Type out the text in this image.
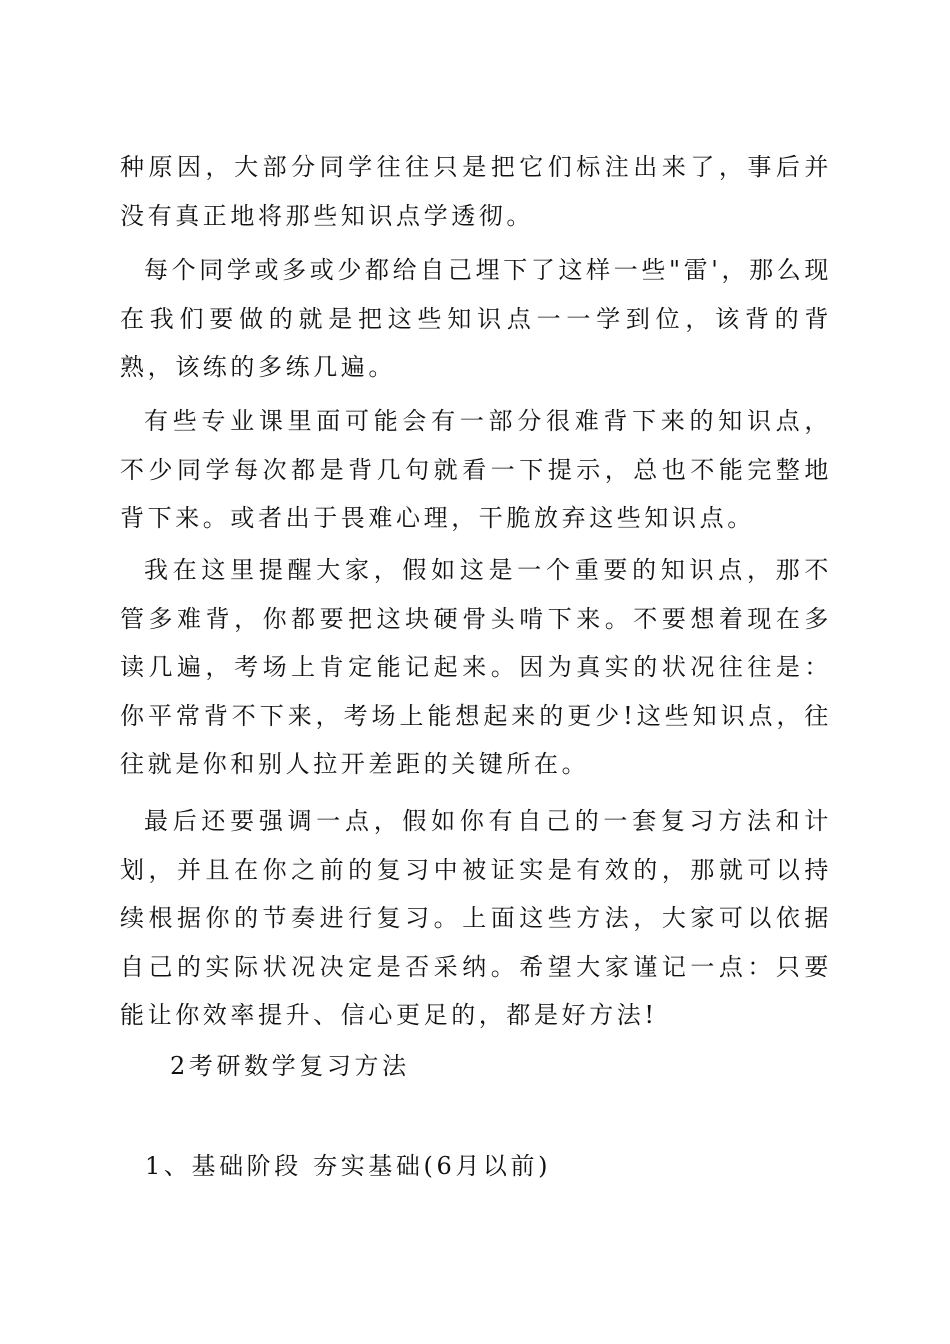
种原因，大部分同学往往只是把它们标注出来了，事后并没有真正地将那些知识点学透彻。

每个同学或多或少都给自己埋下了这样一些"雷'，那么现在我们要做的就是把这些知识点一一学到位，该背的背熟，该练的多练几遍。

有些专业课里面可能会有一部分很难背下来的知识点，不少同学每次都是背几句就看一下提示，总也不能完整地背下来。或者出于畏难心理，干脆放弃这些知识点。

我在这里提醒大家，假如这是一个重要的知识点，那不管多难背，你都要把这块硬骨头啃下来。不要想着现在多读几遍，考场上肯定能记起来。因为真实的状况往往是：你平常背不下来，考场上能想起来的更少!这些知识点，往往就是你和别人拉开差距的关键所在。

最后还要强调一点，假如你有自己的一套复习方法和计划，并且在你之前的复习中被证实是有效的，那就可以持续根据你的节奏进行复习。上面这些方法，大家可以依据自己的实际状况决定是否采纳。希望大家谨记一点：只要能让你效率提升、信心更足的，都是好方法!

2考研数学复习方法
1、基础阶段 夯实基础(6月以前)
